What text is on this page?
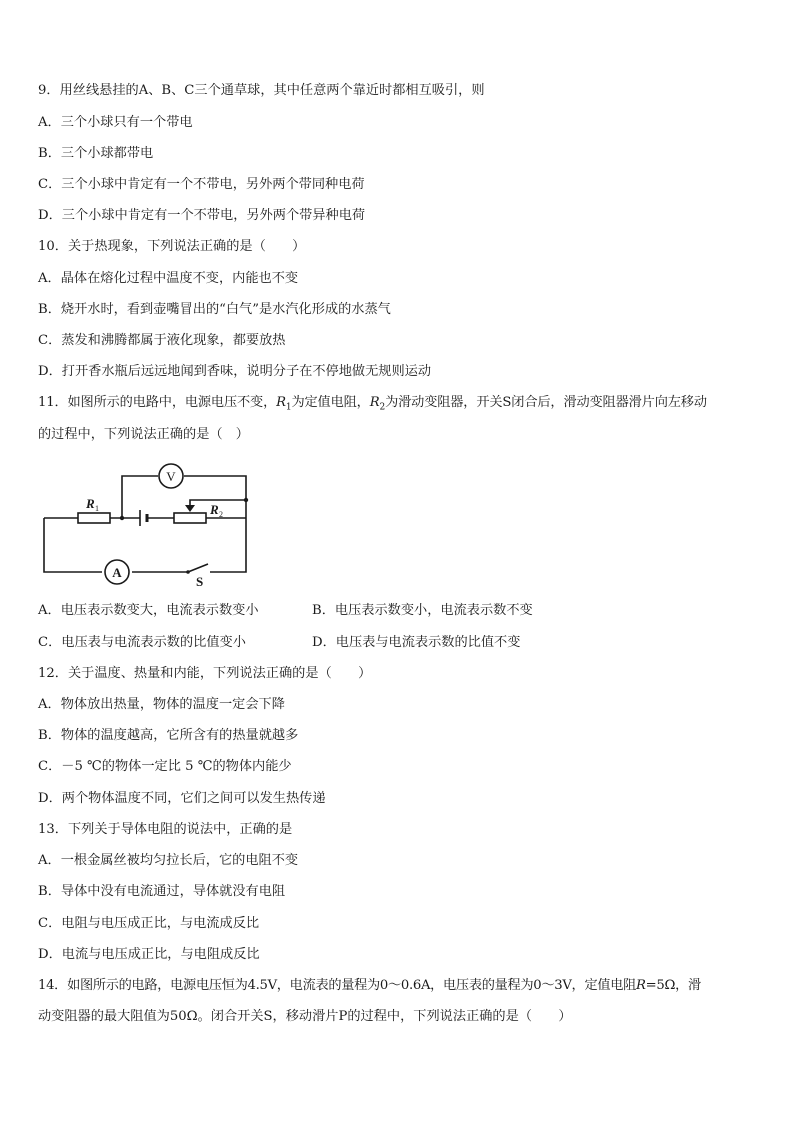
9．用丝线悬挂的A、B、C三个通草球，其中任意两个靠近时都相互吸引，则
A．三个小球只有一个带电
B．三个小球都带电
C．三个小球中肯定有一个不带电，另外两个带同种电荷
D．三个小球中肯定有一个不带电，另外两个带异种电荷
10．关于热现象，下列说法正确的是（　　）
A．晶体在熔化过程中温度不变，内能也不变
B．烧开水时，看到壶嘴冒出的“白气”是水汽化形成的水蒸气
C．蒸发和沸腾都属于液化现象，都要放热
D．打开香水瓶后远远地闻到香味，说明分子在不停地做无规则运动
11．如图所示的电路中，电源电压不变，$R_1$为定值电阻，$R_2$为滑动变阻器，开关S闭合后，滑动变阻器滑片向左移动
的过程中，下列说法正确的是（　）
V
A
R 1	R 2
S
A．电压表示数变大，电流表示数变小	B．电压表示数变小，电流表示数不变
C．电压表与电流表示数的比值变小	D．电压表与电流表示数的比值不变
12．关于温度、热量和内能，下列说法正确的是（　　）
A．物体放出热量，物体的温度一定会下降
B．物体的温度越高，它所含有的热量就越多
C．－5 ℃的物体一定比 5 ℃的物体内能少
D．两个物体温度不同，它们之间可以发生热传递
13．下列关于导体电阻的说法中，正确的是
A．一根金属丝被均匀拉长后，它的电阻不变
B．导体中没有电流通过，导体就没有电阻
C．电阻与电压成正比，与电流成反比
D．电流与电压成正比，与电阻成反比
14．如图所示的电路，电源电压恒为4.5V，电流表的量程为0～0.6A，电压表的量程为0～3V，定值电阻R=5Ω，滑
动变阻器的最大阻值为50Ω。闭合开关S，移动滑片P的过程中，下列说法正确的是（　　）
